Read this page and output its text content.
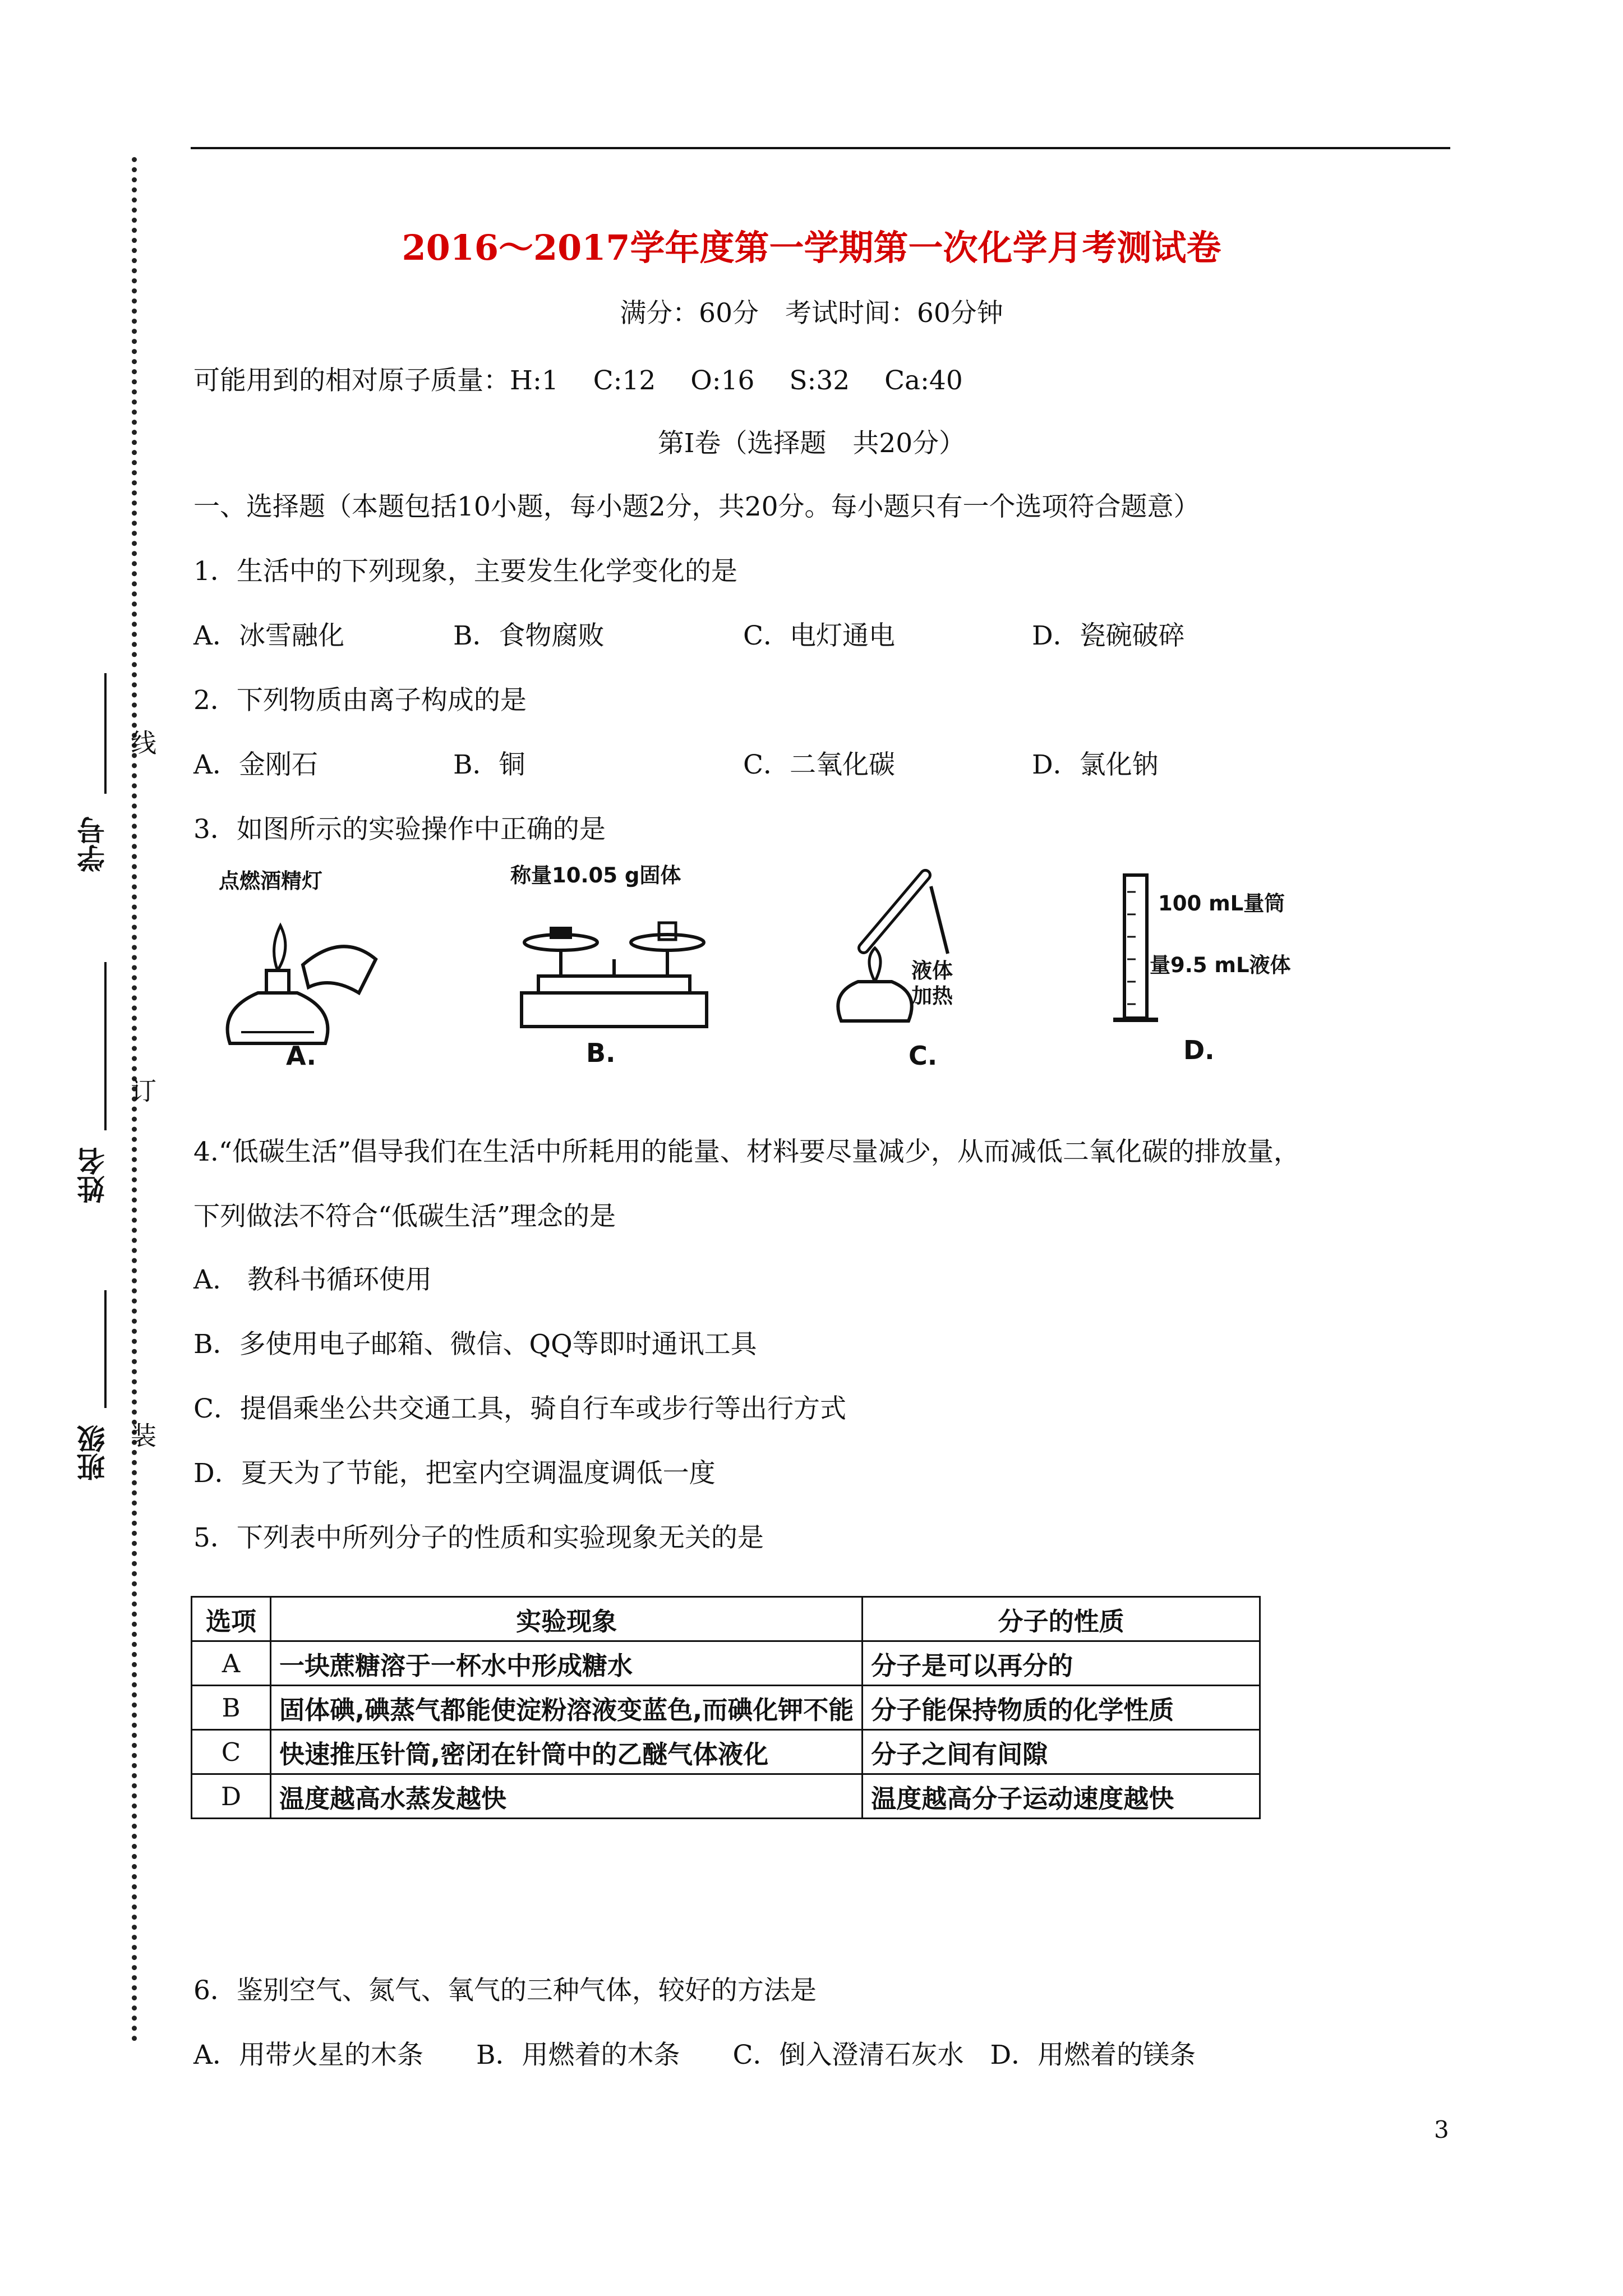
学号
线
姓名
订
班级 装
2016～2017学年度第一学期第一次化学月考测试卷
满分：60分　考试时间：60分钟
可能用到的相对原子质量：H:1　 C:12　 O:16　 S:32　 Ca:40
第Ⅰ卷（选择题　共20分）
一、选择题（本题包括10小题，每小题2分，共20分。每小题只有一个选项符合题意）
1．生活中的下列现象，主要发生化学变化的是
A．冰雪融化	B．食物腐败	C．电灯通电	D．瓷碗破碎
2．下列物质由离子构成的是
A．金刚石	B．铜	C．二氧化碳	D．氯化钠
3．如图所示的实验操作中正确的是
点燃酒精灯
A.
称量10.05 g固体
B.
液体
加热
C.
100 mL量筒
量9.5 mL液体
D.
4.“低碳生活”倡导我们在生活中所耗用的能量、材料要尽量减少，从而减低二氧化碳的排放量，
下列做法不符合“低碳生活”理念的是
A.　教科书循环使用
B．多使用电子邮箱、微信、QQ等即时通讯工具
C．提倡乘坐公共交通工具，骑自行车或步行等出行方式
D．夏天为了节能，把室内空调温度调低一度
5．下列表中所列分子的性质和实验现象无关的是
选项	实验现象	分子的性质
A	一块蔗糖溶于一杯水中形成糖水	分子是可以再分的
B	固体碘,碘蒸气都能使淀粉溶液变蓝色,而碘化钾不能	分子能保持物质的化学性质
C	快速推压针筒,密闭在针筒中的乙醚气体液化	分子之间有间隙
D	温度越高水蒸发越快	温度越高分子运动速度越快
6．鉴别空气、氮气、氧气的三种气体，较好的方法是
A．用带火星的木条　　B．用燃着的木条　　C．倒入澄清石灰水　D．用燃着的镁条
3
